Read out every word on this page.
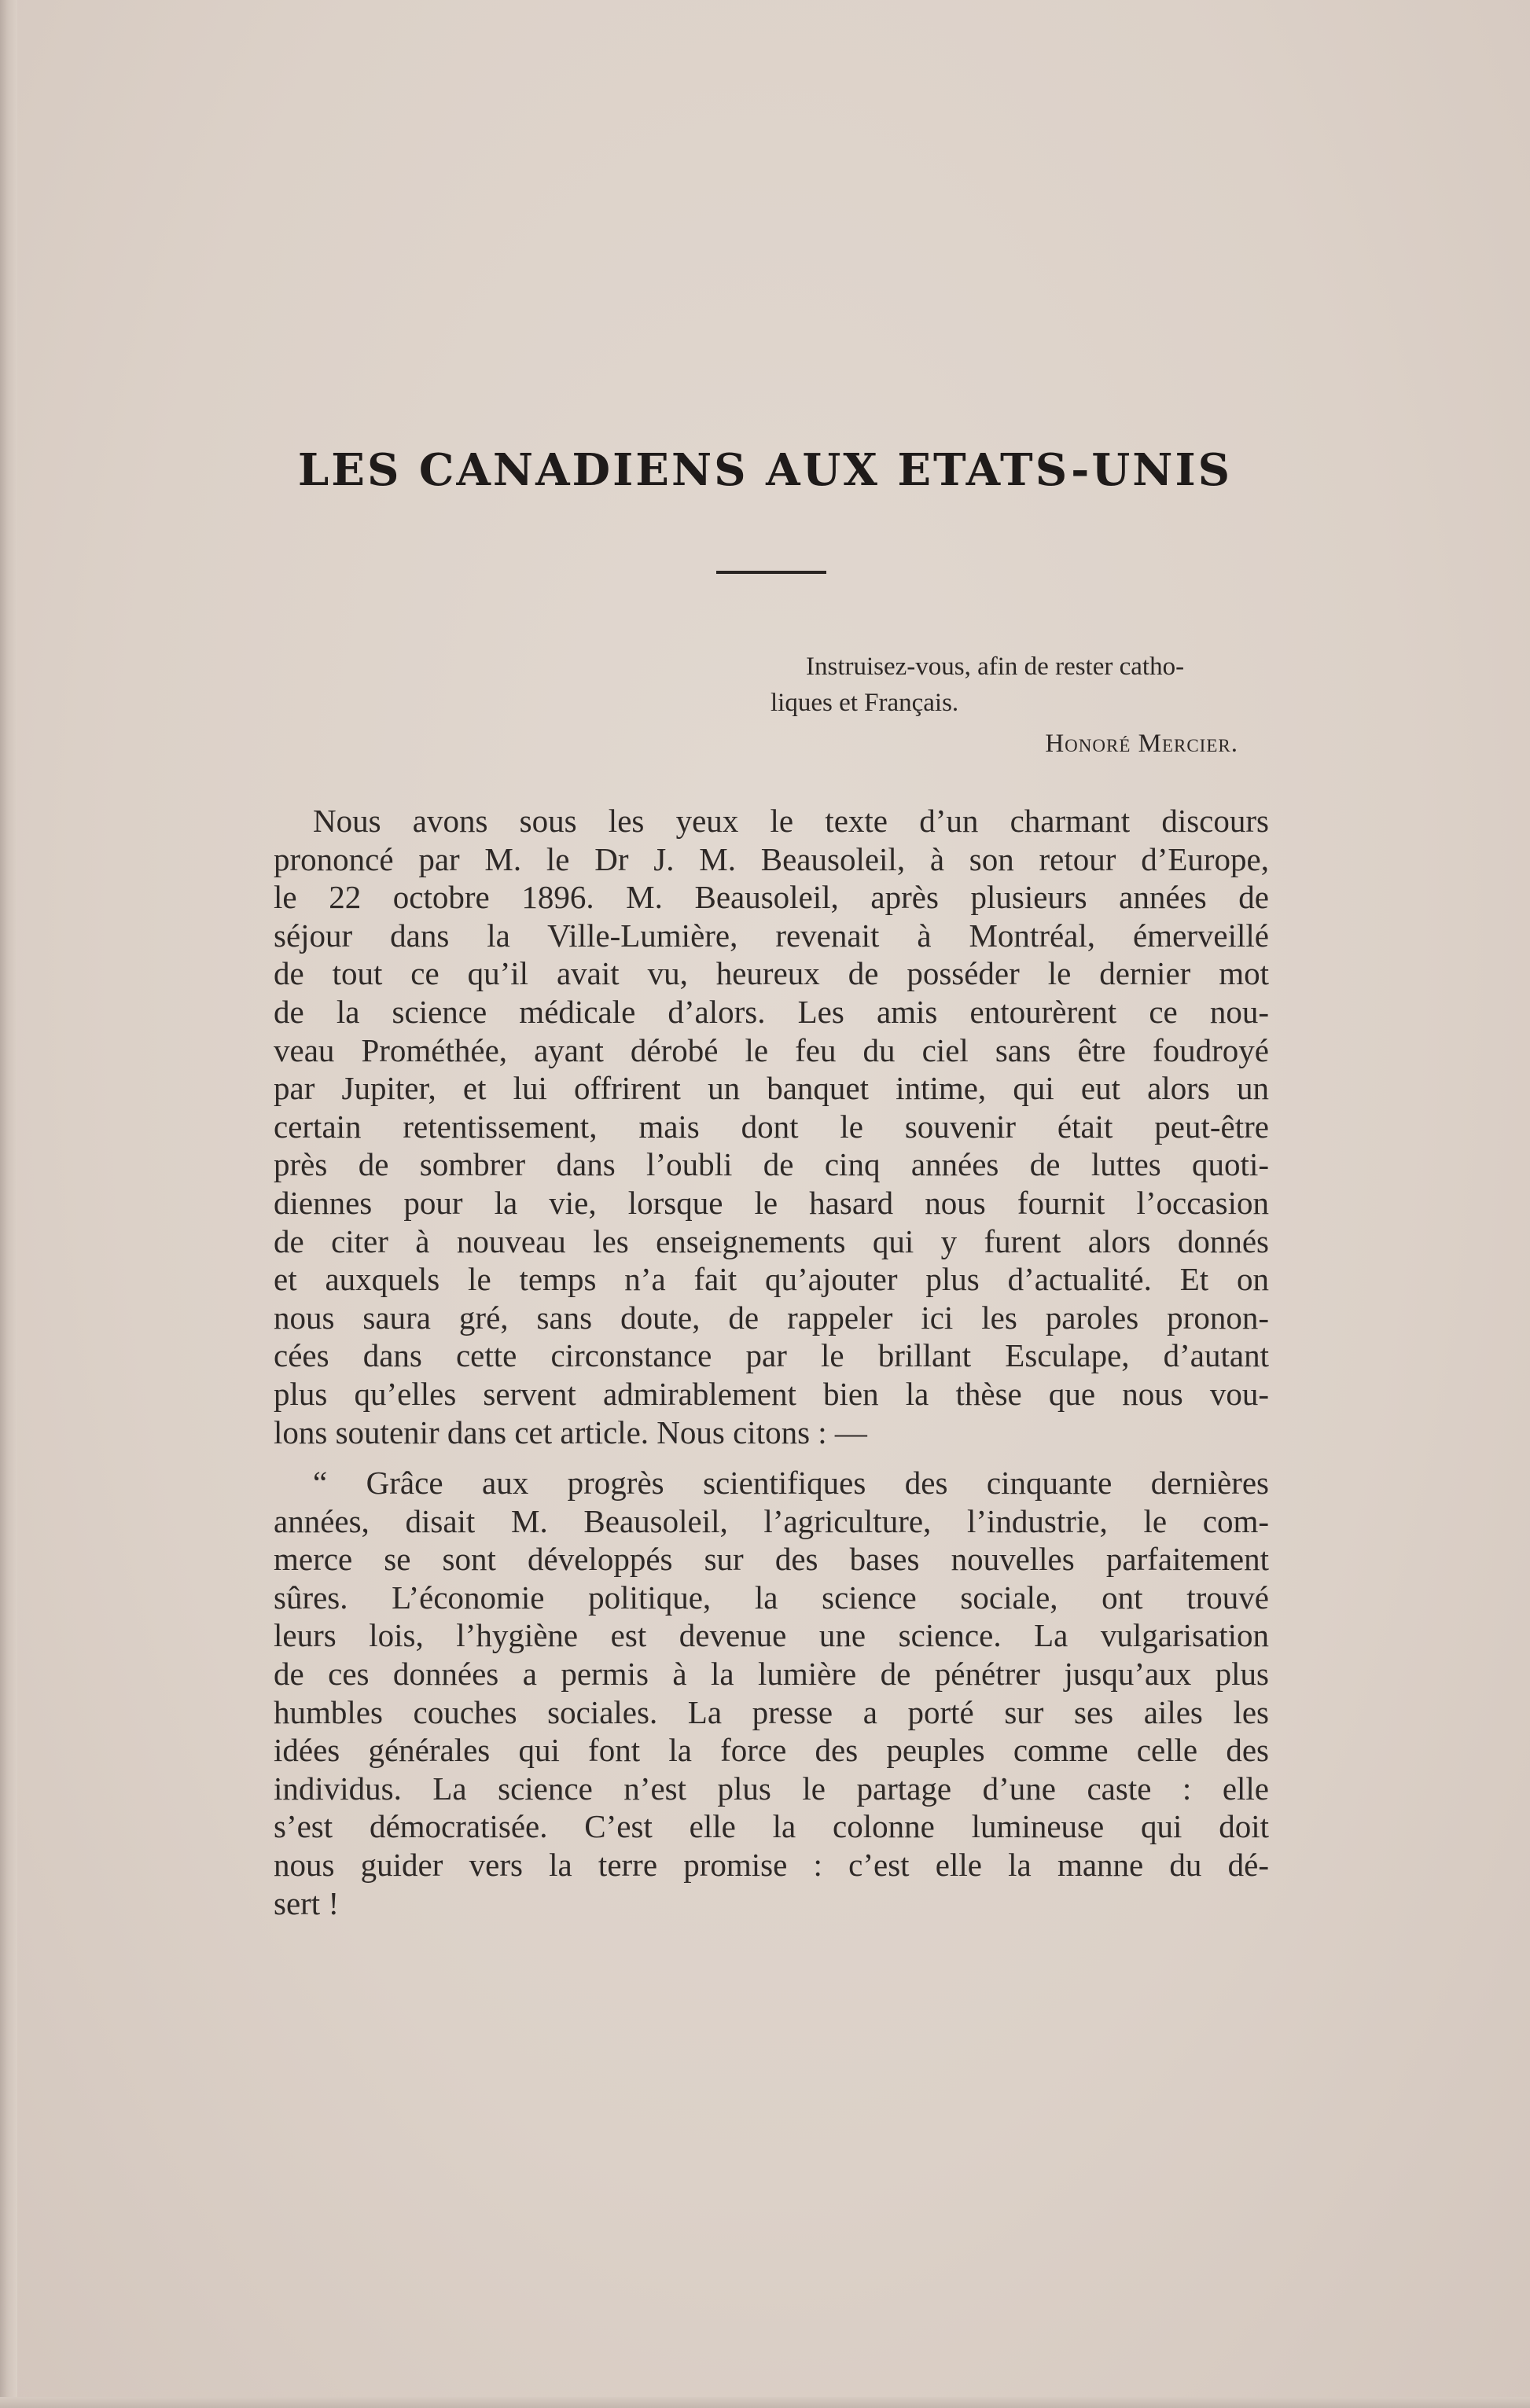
LES CANADIENS AUX ETATS-UNIS
Instruisez-vous, afin de rester catho-
liques et Français.
Honoré Mercier.
Nous avons sous les yeux le texte d’un charmant discours
prononcé par M. le Dr J. M. Beausoleil, à son retour d’Europe,
le 22 octobre 1896. M. Beausoleil, après plusieurs années de
séjour dans la Ville-Lumière, revenait à Montréal, émerveillé
de tout ce qu’il avait vu, heureux de posséder le dernier mot
de la science médicale d’alors. Les amis entourèrent ce nou-
veau Prométhée, ayant dérobé le feu du ciel sans être foudroyé
par Jupiter, et lui offrirent un banquet intime, qui eut alors un
certain retentissement, mais dont le souvenir était peut-être
près de sombrer dans l’oubli de cinq années de luttes quoti-
diennes pour la vie, lorsque le hasard nous fournit l’occasion
de citer à nouveau les enseignements qui y furent alors donnés
et auxquels le temps n’a fait qu’ajouter plus d’actualité. Et on
nous saura gré, sans doute, de rappeler ici les paroles pronon-
cées dans cette circonstance par le brillant Esculape, d’autant
plus qu’elles servent admirablement bien la thèse que nous vou-
lons soutenir dans cet article. Nous citons : —
“ Grâce aux progrès scientifiques des cinquante dernières
années, disait M. Beausoleil, l’agriculture, l’industrie, le com-
merce se sont développés sur des bases nouvelles parfaitement
sûres. L’économie politique, la science sociale, ont trouvé
leurs lois, l’hygiène est devenue une science. La vulgarisation
de ces données a permis à la lumière de pénétrer jusqu’aux plus
humbles couches sociales. La presse a porté sur ses ailes les
idées générales qui font la force des peuples comme celle des
individus. La science n’est plus le partage d’une caste : elle
s’est démocratisée. C’est elle la colonne lumineuse qui doit
nous guider vers la terre promise : c’est elle la manne du dé-
sert !
